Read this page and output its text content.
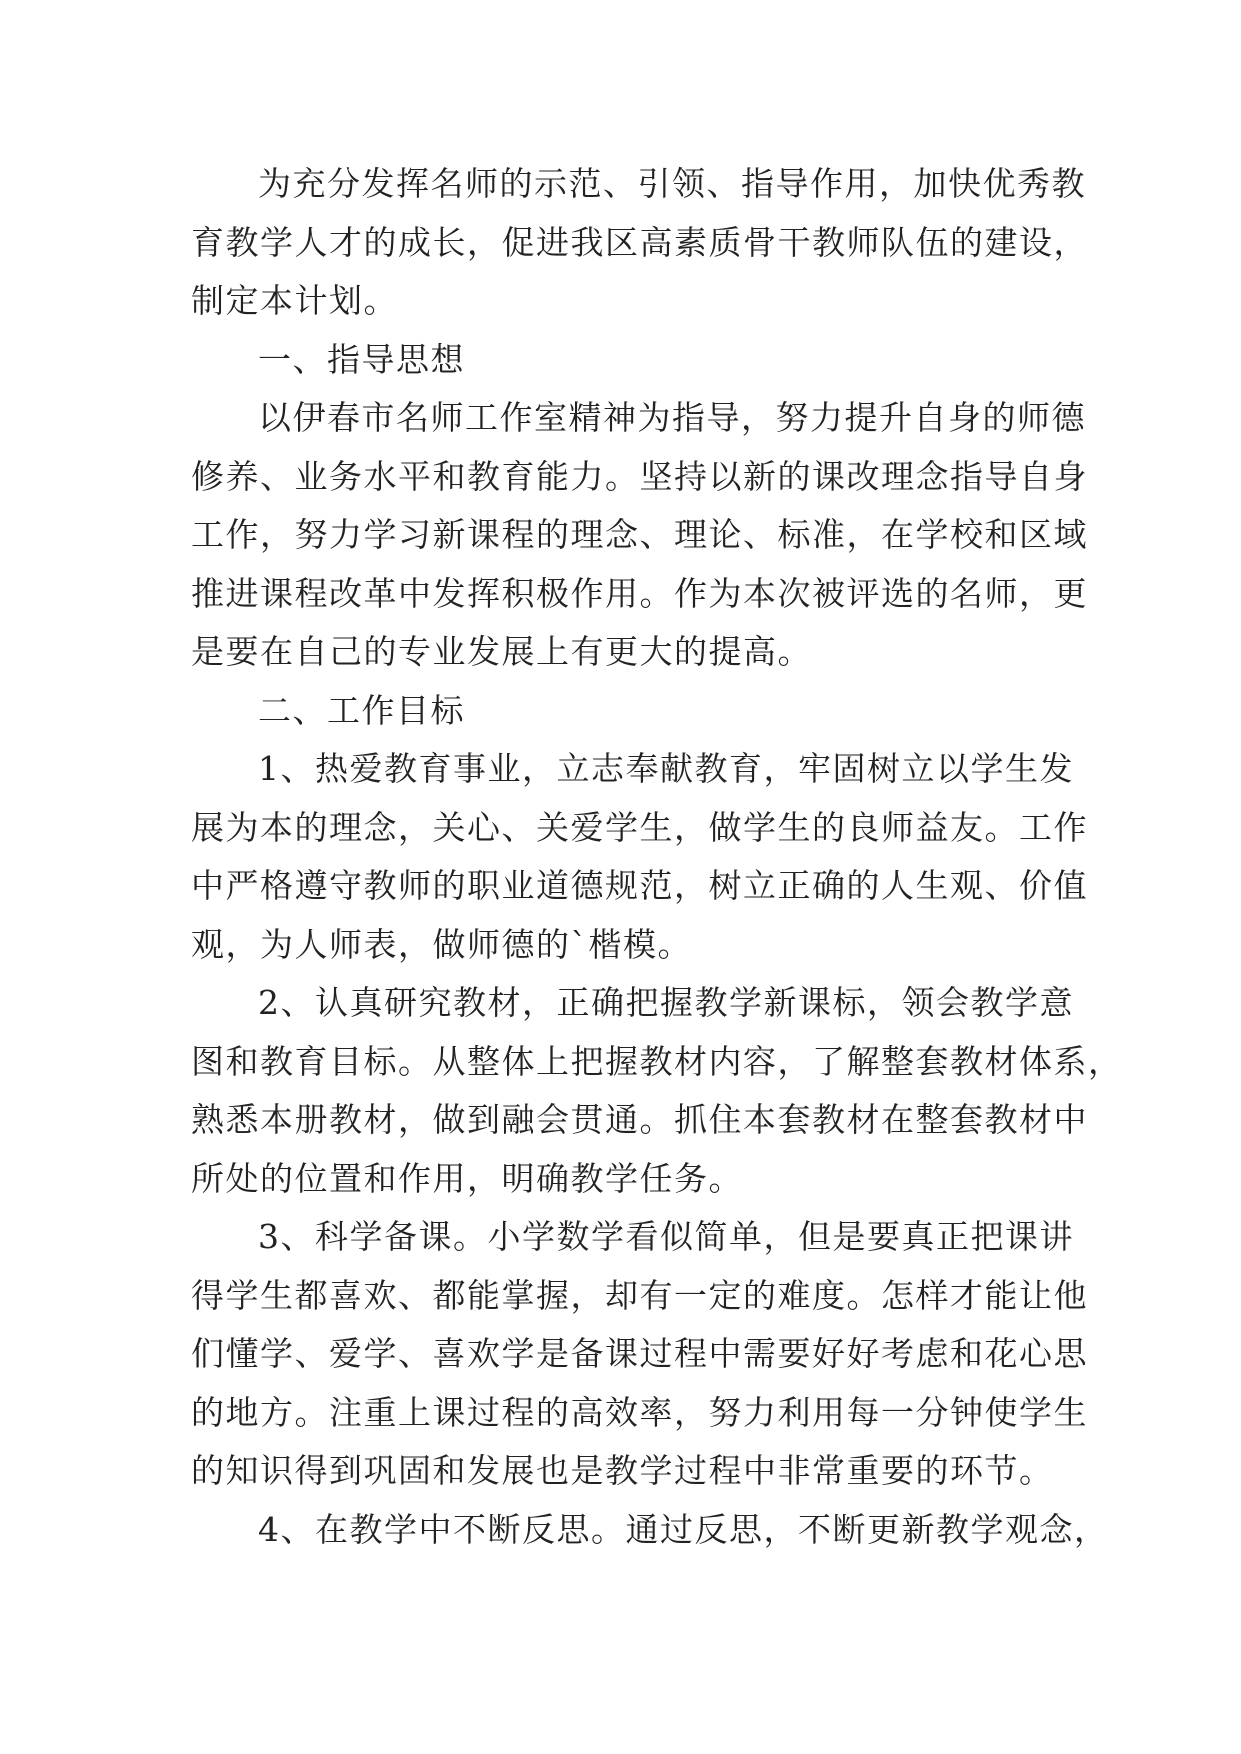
为充分发挥名师的示范、引领、指导作用，加快优秀教
育教学人才的成长，促进我区高素质骨干教师队伍的建设，
制定本计划。
一、指导思想
以伊春市名师工作室精神为指导，努力提升自身的师德
修养、业务水平和教育能力。坚持以新的课改理念指导自身
工作，努力学习新课程的理念、理论、标准，在学校和区域
推进课程改革中发挥积极作用。作为本次被评选的名师，更
是要在自己的专业发展上有更大的提高。
二、工作目标
1、热爱教育事业，立志奉献教育，牢固树立以学生发
展为本的理念，关心、关爱学生，做学生的良师益友。工作
中严格遵守教师的职业道德规范，树立正确的人生观、价值
观，为人师表，做师德的`楷模。
2、认真研究教材，正确把握教学新课标，领会教学意
图和教育目标。从整体上把握教材内容，了解整套教材体系，
熟悉本册教材，做到融会贯通。抓住本套教材在整套教材中
所处的位置和作用，明确教学任务。
3、科学备课。小学数学看似简单，但是要真正把课讲
得学生都喜欢、都能掌握，却有一定的难度。怎样才能让他
们懂学、爱学、喜欢学是备课过程中需要好好考虑和花心思
的地方。注重上课过程的高效率，努力利用每一分钟使学生
的知识得到巩固和发展也是教学过程中非常重要的环节。
4、在教学中不断反思。通过反思，不断更新教学观念，
